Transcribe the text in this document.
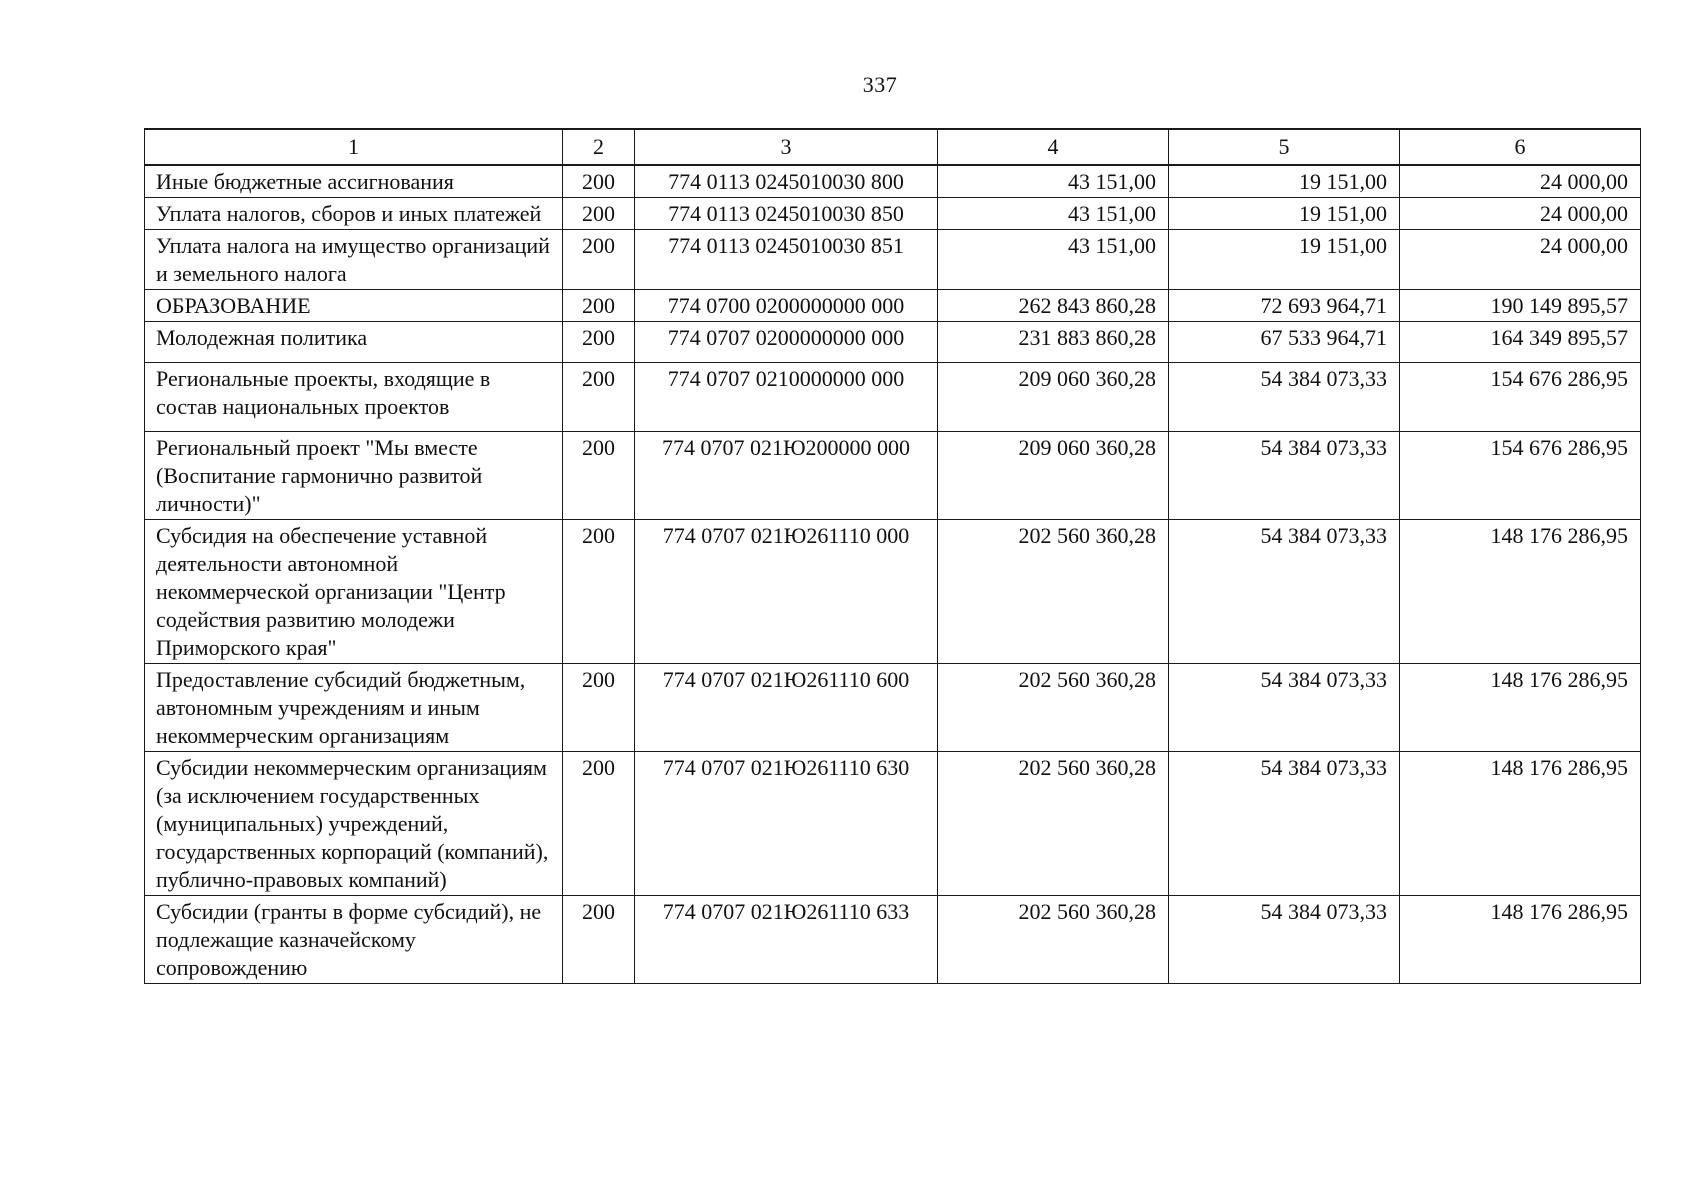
337
1	2	3	4	5	6
Иные бюджетные ассигнования	200	774 0113 0245010030 800	43 151,00	19 151,00	24 000,00
Уплата налогов, сборов и иных платежей	200	774 0113 0245010030 850	43 151,00	19 151,00	24 000,00
Уплата налога на имущество организаций и земельного налога	200	774 0113 0245010030 851	43 151,00	19 151,00	24 000,00
ОБРАЗОВАНИЕ	200	774 0700 0200000000 000	262 843 860,28	72 693 964,71	190 149 895,57
Молодежная политика	200	774 0707 0200000000 000	231 883 860,28	67 533 964,71	164 349 895,57
Региональные проекты, входящие в состав национальных проектов	200	774 0707 0210000000 000	209 060 360,28	54 384 073,33	154 676 286,95
Региональный проект "Мы вместе (Воспитание гармонично развитой личности)"	200	774 0707 021Ю200000 000	209 060 360,28	54 384 073,33	154 676 286,95
Субсидия на обеспечение уставной деятельности автономной некоммерческой организации "Центр содействия развитию молодежи Приморского края"	200	774 0707 021Ю261110 000	202 560 360,28	54 384 073,33	148 176 286,95
Предоставление субсидий бюджетным, автономным учреждениям и иным некоммерческим организациям	200	774 0707 021Ю261110 600	202 560 360,28	54 384 073,33	148 176 286,95
Субсидии некоммерческим организациям (за исключением государственных (муниципальных) учреждений, государственных корпораций (компаний), публично-правовых компаний)	200	774 0707 021Ю261110 630	202 560 360,28	54 384 073,33	148 176 286,95
Субсидии (гранты в форме субсидий), не подлежащие казначейскому сопровождению	200	774 0707 021Ю261110 633	202 560 360,28	54 384 073,33	148 176 286,95
